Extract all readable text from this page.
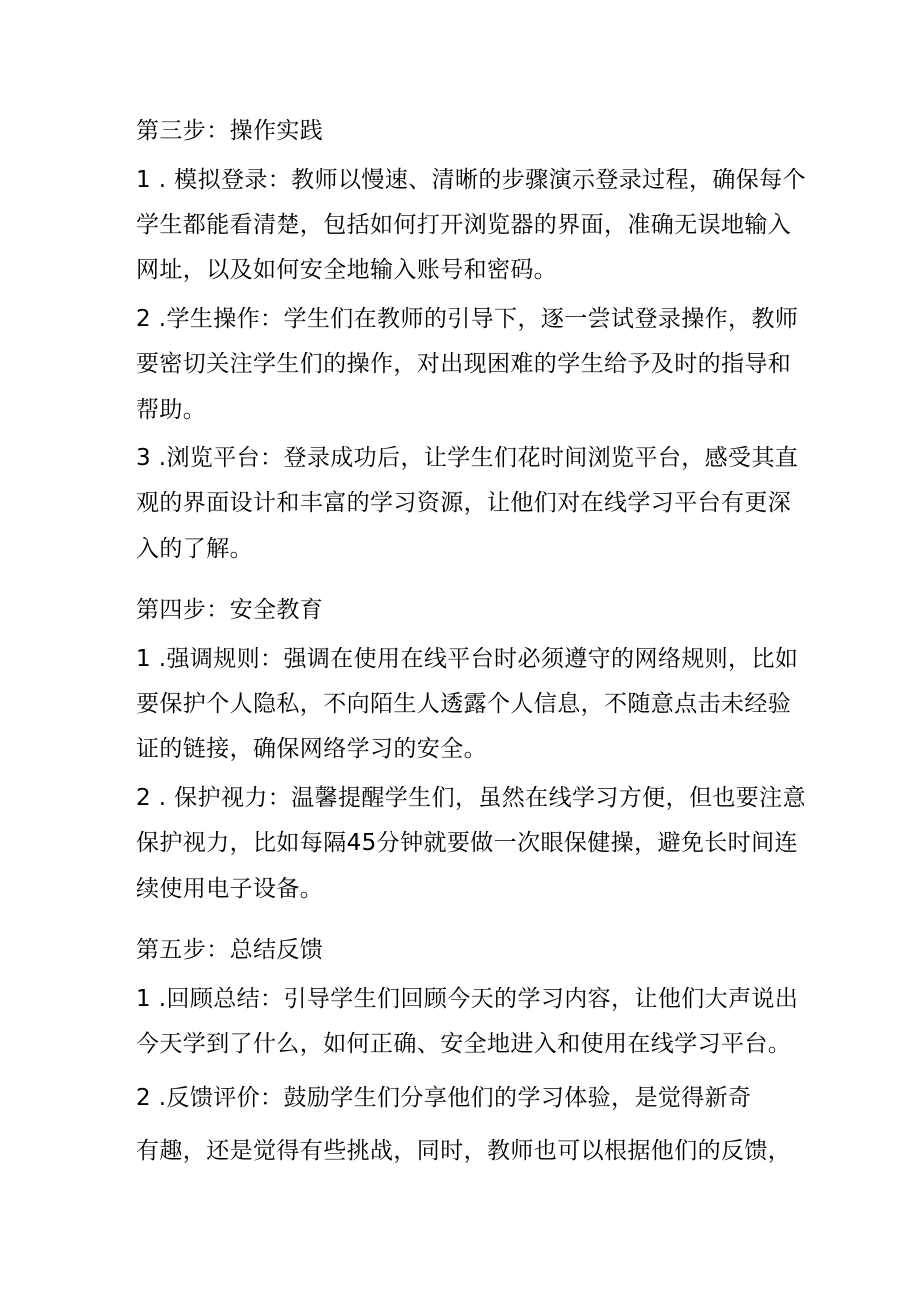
第三步：操作实践
1 . 模拟登录：教师以慢速、清晰的步骤演示登录过程，确保每个
学生都能看清楚，包括如何打开浏览器的界面，准确无误地输入
网址，以及如何安全地输入账号和密码。
2 .学生操作：学生们在教师的引导下，逐一尝试登录操作，教师
要密切关注学生们的操作，对出现困难的学生给予及时的指导和
帮助。
3 .浏览平台：登录成功后，让学生们花时间浏览平台，感受其直
观的界面设计和丰富的学习资源，让他们对在线学习平台有更深
入的了解。
第四步：安全教育
1 .强调规则：强调在使用在线平台时必须遵守的网络规则，比如
要保护个人隐私，不向陌生人透露个人信息，不随意点击未经验
证的链接，确保网络学习的安全。
2 . 保护视力：温馨提醒学生们，虽然在线学习方便，但也要注意
保护视力，比如每隔45分钟就要做一次眼保健操，避免长时间连
续使用电子设备。
第五步：总结反馈
1 .回顾总结：引导学生们回顾今天的学习内容，让他们大声说出
今天学到了什么，如何正确、安全地进入和使用在线学习平台。
2 .反馈评价：鼓励学生们分享他们的学习体验，是觉得新奇
有趣，还是觉得有些挑战，同时，教师也可以根据他们的反馈，
